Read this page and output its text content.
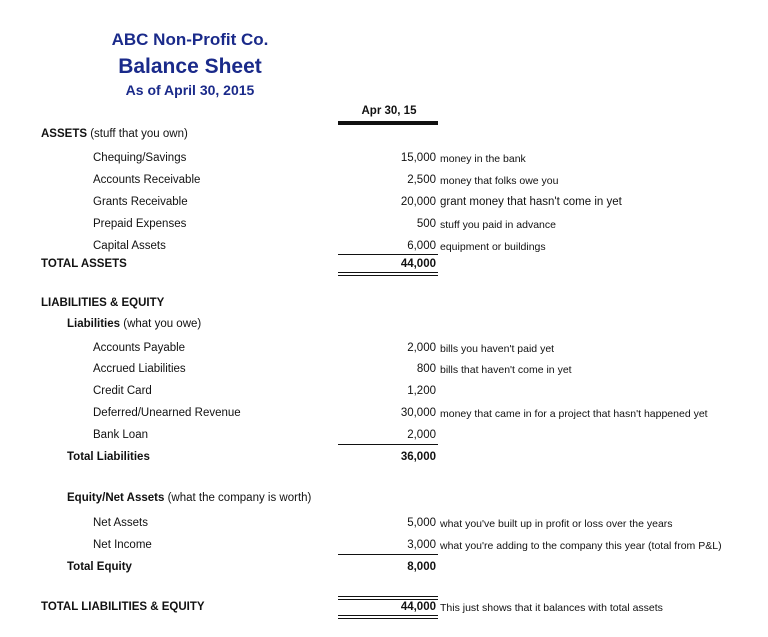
ABC Non-Profit Co.
Balance Sheet
As of April 30, 2015
Apr 30, 15
ASSETS (stuff that you own)
Chequing/Savings	15,000 money in the bank
Accounts Receivable	2,500 money that folks owe you
Grants Receivable	20,000 grant money that hasn't come in yet
Prepaid Expenses	500 stuff you paid in advance
Capital Assets	6,000 equipment or buildings
TOTAL ASSETS	44,000
LIABILITIES & EQUITY
Liabilities (what you owe)
Accounts Payable	2,000 bills you haven't paid yet
Accrued Liabilities	800 bills that haven't come in yet
Credit Card	1,200
Deferred/Unearned Revenue	30,000 money that came in for a project that hasn't happened yet
Bank Loan	2,000
Total Liabilities	36,000
Equity/Net Assets (what the company is worth)
Net Assets	5,000 what you've built up in profit or loss over the years
Net Income	3,000 what you're adding to the company this year (total from P&L)
Total Equity	8,000
TOTAL LIABILITIES & EQUITY	44,000 This just shows that it balances with total assets
